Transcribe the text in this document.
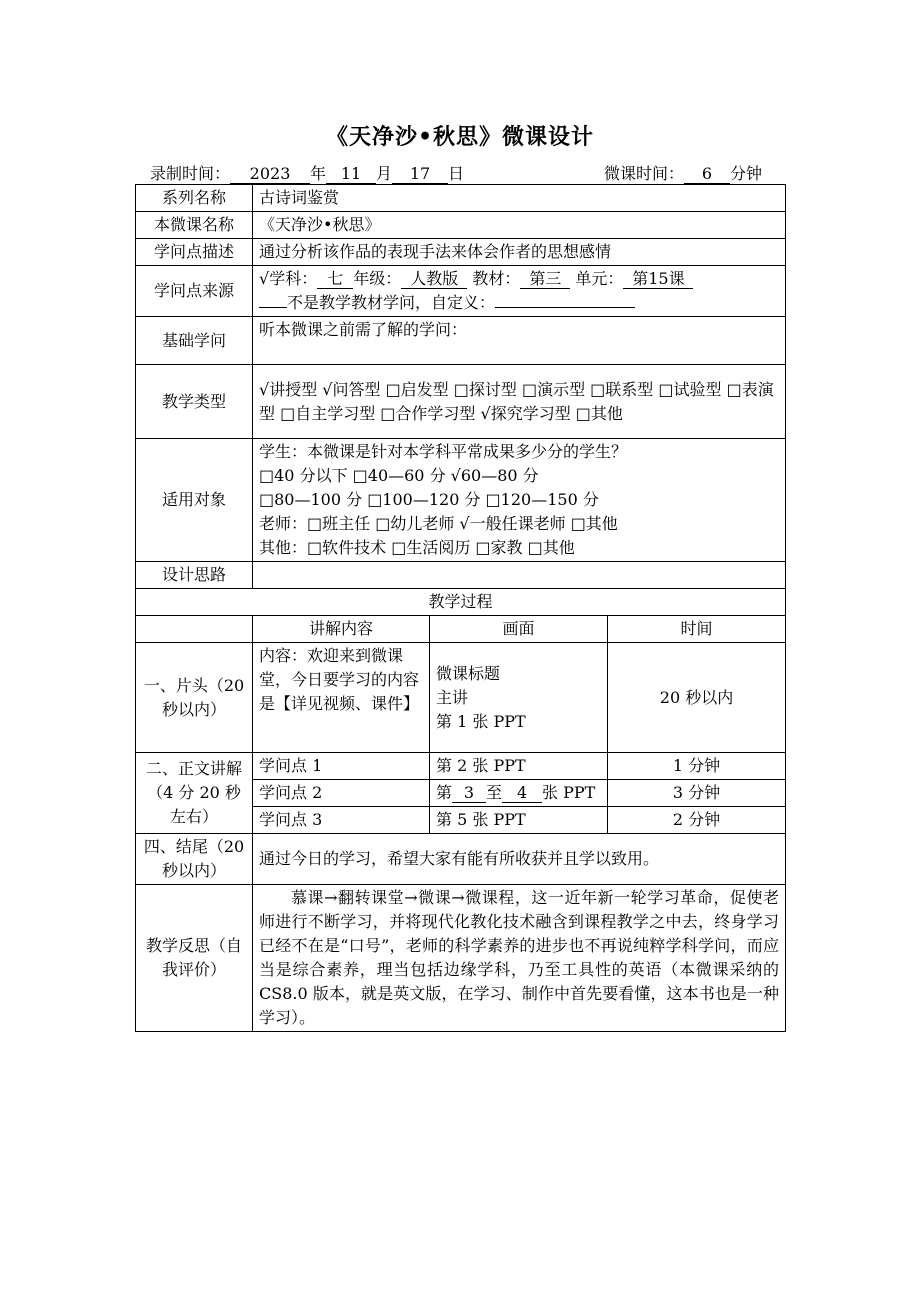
《天净沙•秋思》微课设计
录制时间： 2023 年 11 月 17 日	微课时间： 6 分钟
系列名称	古诗词鉴赏		
本微课名称	《天净沙•秋思》		
学问点描述	通过分析该作品的表现手法来体会作者的思想感情		
学问点来源	√学科： 七 年级： 人教版 教材： 第三 单元： 第15课
不是教学教材学问，自定义：		

基础学问	听本微课之前需了解的学问：		
教学类型	√讲授型 √问答型 □启发型 □探讨型 □演示型 □联系型 □试验型 □表演型 □自主学习型 □合作学习型 √探究学习型 □其他		
适用对象	学生：本微课是针对本学科平常成果多少分的学生？
□40 分以下 □40—60 分 √60—80 分
□80—100 分 □100—120 分 □120—150 分
老师：□班主任 □幼儿老师 √一般任课老师 □其他
其他：□软件技术 □生活阅历 □家教 □其他		

设计思路			
教学过程			
	讲解内容	画面	时间
一、片头（20 秒以内）	内容：欢迎来到微课堂，今日要学习的内容是【详见视频、课件】	微课标题
主讲
第 1 张 PPT	20 秒以内
二、正文讲解 （4 分 20 秒左右）	学问点 1	第 2 张 PPT	1 分钟
	学问点 2	第 3 至 4 张 PPT	3 分钟
	学问点 3	第 5 张 PPT	2 分钟
四、结尾（20 秒以内）	通过今日的学习，希望大家有能有所收获并且学以致用。		
教学反思（自我评价）	慕课→翻转课堂→微课→微课程，这一近年新一轮学习革命，促使老师进行不断学习，并将现代化教化技术融含到课程教学之中去，终身学习已经不在是“口号”，老师的科学素养的进步也不再说纯粹学科学问，而应当是综合素养，理当包括边缘学科，乃至工具性的英语（本微课采纳的 CS8.0 版本，就是英文版，在学习、制作中首先要看懂，这本书也是一种学习）。		
